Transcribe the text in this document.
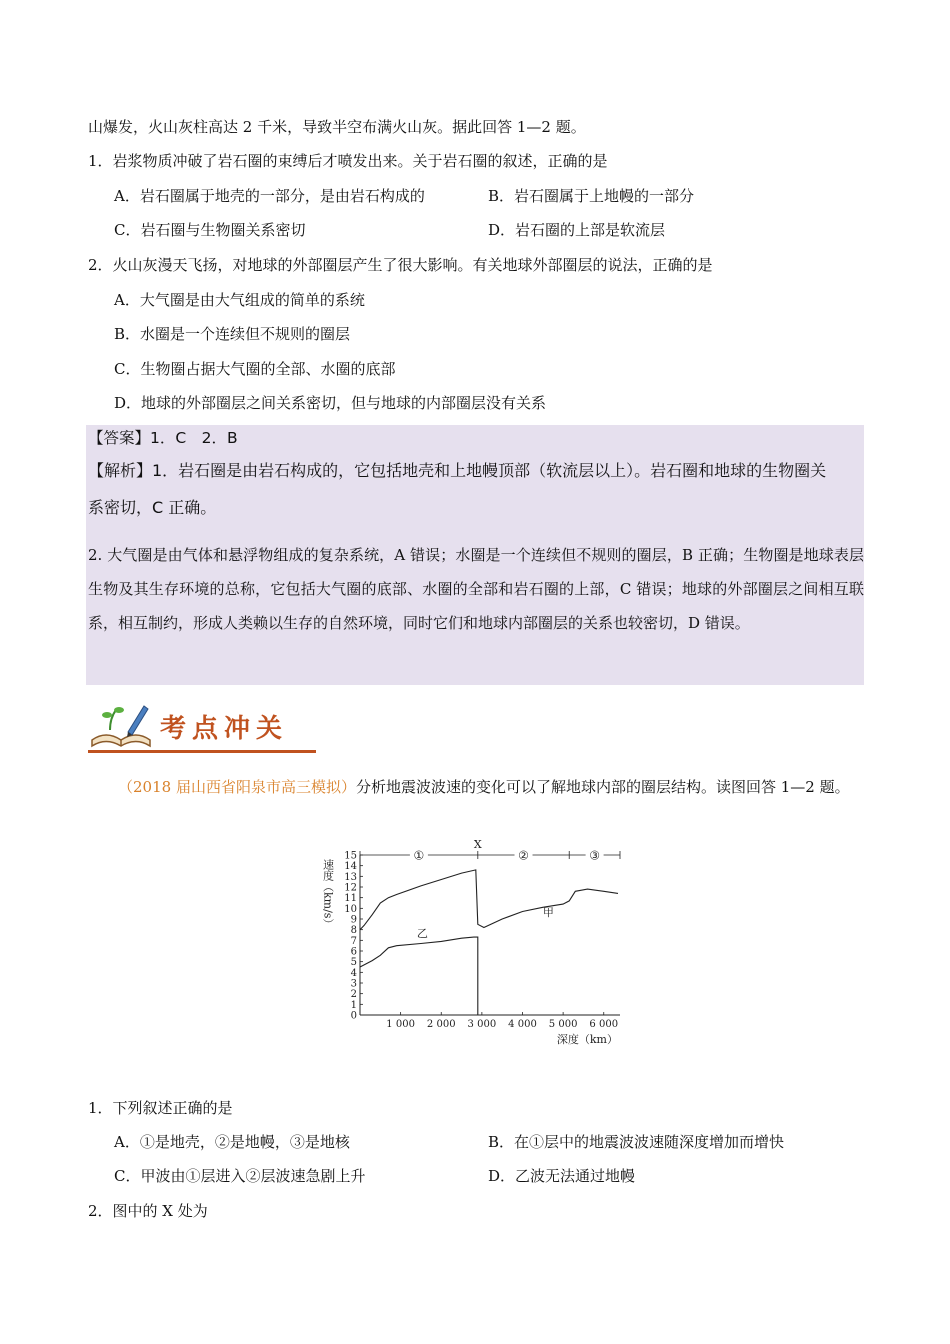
山爆发，火山灰柱高达 2 千米，导致半空布满火山灰。据此回答 1—2 题。
1．岩浆物质冲破了岩石圈的束缚后才喷发出来。关于岩石圈的叙述，正确的是
A．岩石圈属于地壳的一部分，是由岩石构成的	B．岩石圈属于上地幔的一部分
C．岩石圈与生物圈关系密切	D．岩石圈的上部是软流层
2．火山灰漫天飞扬，对地球的外部圈层产生了很大影响。有关地球外部圈层的说法，正确的是
A．大气圈是由大气组成的简单的系统
B．水圈是一个连续但不规则的圈层
C．生物圈占据大气圈的全部、水圈的底部
D．地球的外部圈层之间关系密切，但与地球的内部圈层没有关系
【答案】1．C　2．B
【解析】1．岩石圈是由岩石构成的，它包括地壳和上地幔顶部（软流层以上）。岩石圈和地球的生物圈关
系密切，C 正确。
2. 大气圈是由气体和悬浮物组成的复杂系统，A 错误；水圈是一个连续但不规则的圈层，B 正确；生物圈是地球表层生物及其生存环境的总称，它包括大气圈的底部、水圈的全部和岩石圈的上部，C 错误；地球的外部圈层之间相互联系，相互制约，形成人类赖以生存的自然环境，同时它们和地球内部圈层的关系也较密切，D 错误。
考点冲关
（2018 届山西省阳泉市高三模拟）分析地震波波速的变化可以了解地球内部的圈层结构。读图回答 1—2 题。
0
1
2
3
4
5
6
7
8
9
10
11
12
13
14
15
1 000 2 000 3 000 4 000 5 000 6 000
速度（km/s）
深度（km）
①	②	③
X
甲
乙
1．下列叙述正确的是
A．①是地壳，②是地幔，③是地核	B．在①层中的地震波波速随深度增加而增快
C．甲波由①层进入②层波速急剧上升	D．乙波无法通过地幔
2．图中的 X 处为
